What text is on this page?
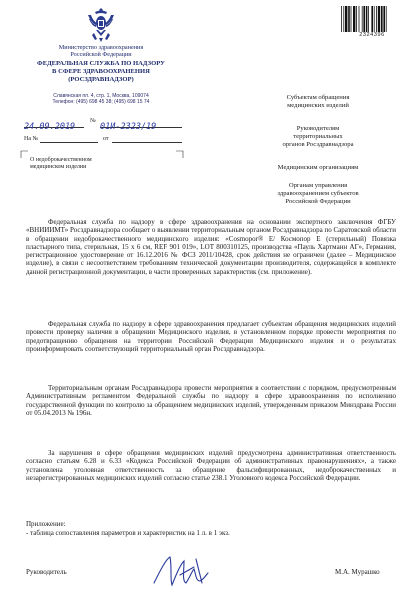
Министерство здравоохранения
Российской Федерации
ФЕДЕРАЛЬНАЯ СЛУЖБА ПО НАДЗОРУ
В СФЕРЕ ЗДРАВООХРАНЕНИЯ
(РОСЗДРАВНАДЗОР)
Славянская пл. 4, стр. 1, Москва, 109074
Телефон: (495) 698 45 38; (495) 698 15 74
24.09.2019
№
01И-2323/19
На №	от
О недоброкачественном
медицинском изделии
2324396
Субъектам обращения
медицинских изделий
Руководителям
территориальных
органов Росздравнадзора
Медицинским организациям
Органам управления
здравоохранением субъектов
Российской Федерации
Федеральная служба по надзору в сфере здравоохранения на основании экспертного заключения ФГБУ «ВНИИИМТ» Росздравнадзора сообщает о выявлении территориальным органом Росздравнадзора по Саратовской области в обращении недоброкачественного медицинского изделия: «Cosmopor® E/ Космопор Е (стерильный) Повязка пластырного типа, стерильная, 15 х 6 см, REF 901 019», LOT 800310125, производства «Пауль Хартманн АГ», Германия, регистрационное удостоверение от 16.12.2016 № ФСЗ 2011/10428, срок действия не ограничен (далее – Медицинское изделие), в связи с несоответствием требованиям технической документации производителя, содержащейся в комплекте данной регистрационной документации, в части проверенных характеристик (см. приложение).
Федеральная служба по надзору в сфере здравоохранения предлагает субъектам обращения медицинских изделий провести проверку наличия в обращении Медицинского изделия, в установленном порядке провести мероприятия по предотвращению обращения на территории Российской Федерации Медицинского изделия и о результатах проинформировать соответствующий территориальный орган Росздравнадзора.
Территориальным органам Росздравнадзора провести мероприятия в соответствии с порядком, предусмотренным Административным регламентом Федеральной службы по надзору в сфере здравоохранения по исполнению государственной функции по контролю за обращением медицинских изделий, утвержденным приказом Минздрава России от 05.04.2013 № 196н.
За нарушения в сфере обращения медицинских изделий предусмотрена административная ответственность согласно статьям 6.28 и 6.33 «Кодекса Российской Федерации об административных правонарушениях», а также установлена уголовная ответственность за обращение фальсифицированных, недоброкачественных и незарегистрированных медицинских изделий согласно статье 238.1 Уголовного кодекса Российской Федерации.
Приложение:
- таблица сопоставления параметров и характеристик на 1 л. в 1 экз.
Руководитель	М.А. Мурашко
